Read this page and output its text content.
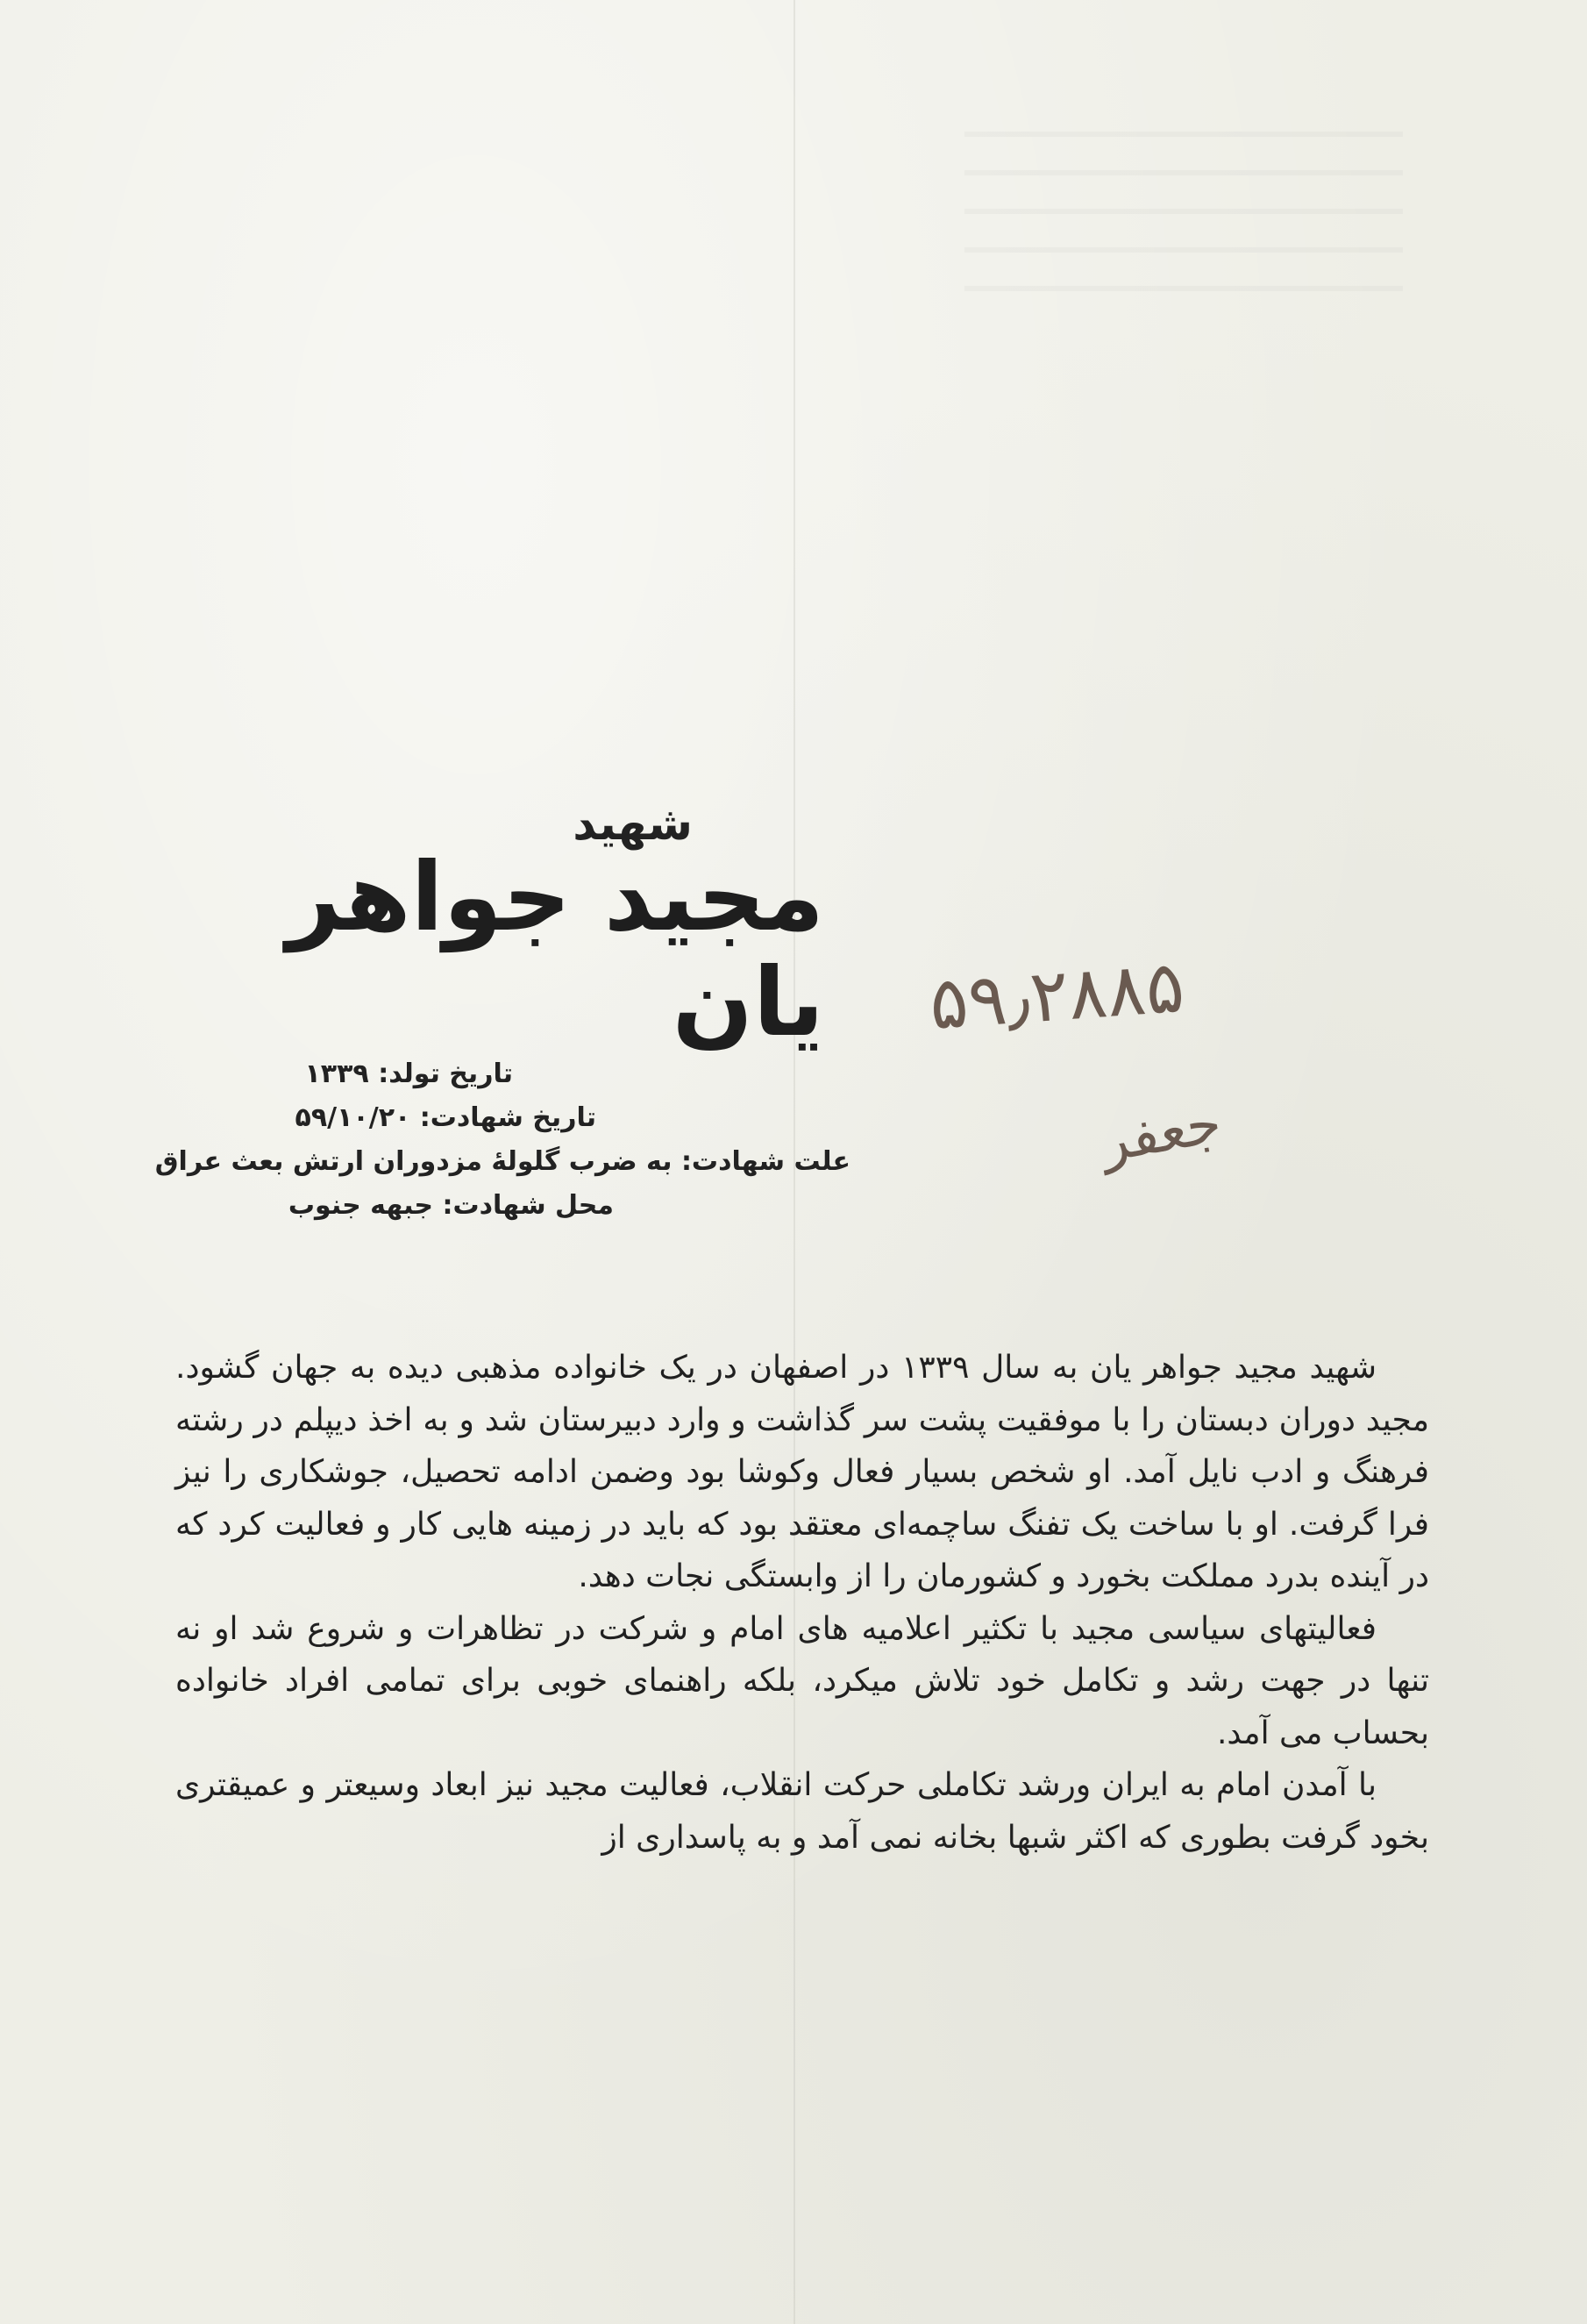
شهید
مجید جواهر یان
تاریخ تولد: ۱۳۳۹
تاریخ شهادت: ۵۹/۱۰/۲۰
علت شهادت: به ضرب گلولهٔ مزدوران ارتش بعث عراق
محل شهادت: جبهه جنوب
۵۹٫۲۸۸۵
جعفر

شهید مجید جواهر یان به سال ۱۳۳۹ در اصفهان در یک خانواده مذهبی دیده به جهان گشود. مجید دوران دبستان را با موفقیت پشت سر گذاشت و وارد دبیرستان شد و به اخذ دیپلم در رشته فرهنگ و ادب نایل آمد. او شخص بسیار فعال وکوشا بود وضمن ادامه تحصیل، جوشکاری را نیز فرا گرفت. او با ساخت یک تفنگ ساچمه‌ای معتقد بود که باید در زمینه هایی کار و فعالیت کرد که در آینده بدرد مملکت بخورد و کشورمان را از وابستگی نجات دهد.

فعالیتهای سیاسی مجید با تکثیر اعلامیه های امام و شرکت در تظاهرات و شروع شد او نه تنها در جهت رشد و تکامل خود تلاش میکرد، بلکه راهنمای خوبی برای تمامی افراد خانواده بحساب می آمد.

با آمدن امام به ایران ورشد تکاملی حرکت انقلاب، فعالیت مجید نیز ابعاد وسیعتر و عمیقتری بخود گرفت بطوری که اکثر شبها بخانه نمی آمد و به پاسداری از
